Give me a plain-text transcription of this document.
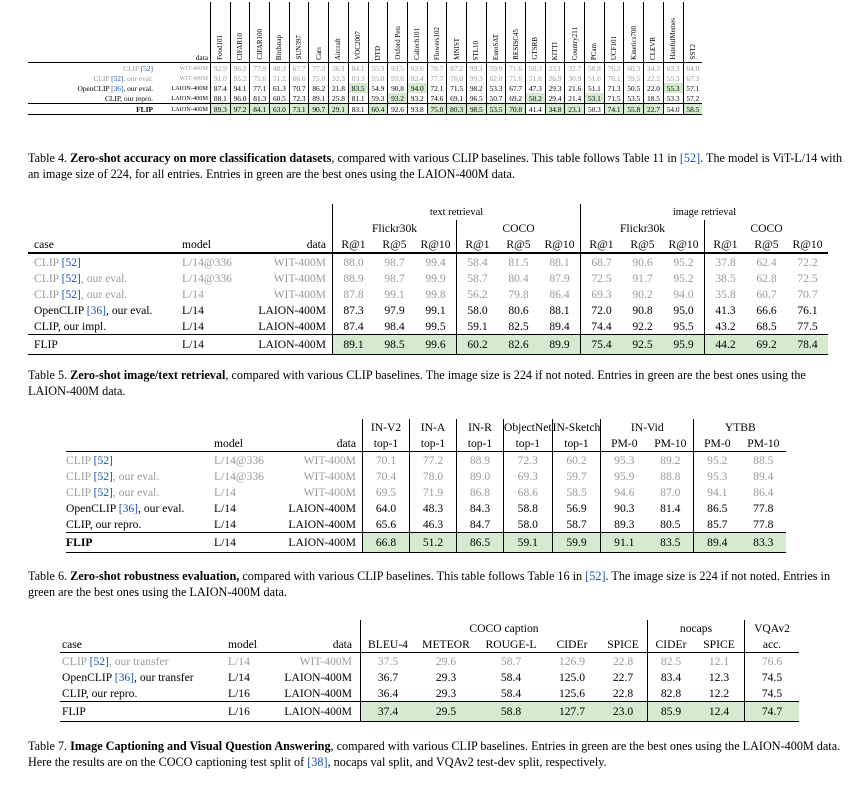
	data	Food101	CIFAR10	CIFAR100	Birdsnap	SUN397	Cars	Aircraft	VOC2007	DTD	Oxford Pets	Caltech101	Flowers102	MNIST	STL10	EuroSAT	RESISC45	GTSRB	KITTI	Country211	PCam	UCF101	Kinetics700	CLEVR	HatefulMemes	SST2
CLIP [52]	WIT-400M	92.9	96.2	77.9	48.3	67.7	77.3	36.1	84.1	55.3	93.5	92.6	78.7	87.2	99.3	59.9	71.6	50.3	23.1	32.7	58.8	76.2	60.3	24.3	63.3	64.0
CLIP [52], our eval.	WIT-400M	91.0	95.2	75.6	51.2	66.6	75.0	32.3	83.3	55.0	93.6	92.4	77.7	76.0	99.3	62.0	71.6	51.6	26.9	30.9	51.6	76.1	59.5	22.2	55.3	67.3
OpenCLIP [36], our eval.	LAION-400M	87.4	94.1	77.1	61.3	70.7	86.2	21.8	83.5	54.9	90.8	94.0	72.1	71.5	98.2	53.3	67.7	47.3	29.3	21.6	51.1	71.3	50.5	22.0	55.3	57.1
CLIP, our repro.	LAION-400M	88.1	96.0	81.3	60.5	72.3	89.1	25.8	81.1	59.3	93.2	93.2	74.6	69.1	96.5	50.7	69.2	50.2	29.4	21.4	53.1	71.5	53.5	18.5	53.3	57.2
FLIP	LAION-400M	89.3	97.2	84.1	63.0	73.1	90.7	29.1	83.1	60.4	92.6	93.8	75.0	80.3	98.5	53.5	70.8	41.4	34.8	23.1	50.3	74.1	55.8	22.7	54.0	58.5
Table 4. Zero-shot accuracy on more classification datasets, compared with various CLIP baselines. This table follows Table 11 in [52]. The model is ViT-L/14 with an image size of 224, for all entries. Entries in green are the best ones using the LAION-400M data.
			text retrieval						image retrieval					
			Flickr30k			COCO			Flickr30k			COCO		
case	model	data	R@1	R@5	R@10	R@1	R@5	R@10	R@1	R@5	R@10	R@1	R@5	R@10
CLIP [52]	L/14@336	WIT-400M	88.0	98.7	99.4	58.4	81.5	88.1	68.7	90.6	95.2	37.8	62.4	72.2
CLIP [52], our eval.	L/14@336	WIT-400M	88.9	98.7	99.9	58.7	80.4	87.9	72.5	91.7	95.2	38.5	62.8	72.5
CLIP [52], our eval.	L/14	WIT-400M	87.8	99.1	99.8	56.2	79.8	86.4	69.3	90.2	94.0	35.8	60.7	70.7
OpenCLIP [36], our eval.	L/14	LAION-400M	87.3	97.9	99.1	58.0	80.6	88.1	72.0	90.8	95.0	41.3	66.6	76.1
CLIP, our impl.	L/14	LAION-400M	87.4	98.4	99.5	59.1	82.5	89.4	74.4	92.2	95.5	43.2	68.5	77.5
FLIP	L/14	LAION-400M	89.1	98.5	99.6	60.2	82.6	89.9	75.4	92.5	95.9	44.2	69.2	78.4
Table 5. Zero-shot image/text retrieval, compared with various CLIP baselines. The image size is 224 if not noted. Entries in green are the best ones using the LAION-400M data.
			IN-V2	IN-A	IN-R	ObjectNet	IN-Sketch	IN-Vid		YTBB	
	model	data	top-1	top-1	top-1	top-1	top-1	PM-0	PM-10	PM-0	PM-10
CLIP [52]	L/14@336	WIT-400M	70.1	77.2	88.9	72.3	60.2	95.3	89.2	95.2	88.5
CLIP [52], our eval.	L/14@336	WIT-400M	70.4	78.0	89.0	69.3	59.7	95.9	88.8	95.3	89.4
CLIP [52], our eval.	L/14	WIT-400M	69.5	71.9	86.8	68.6	58.5	94.6	87.0	94.1	86.4
OpenCLIP [36], our eval.	L/14	LAION-400M	64.0	48.3	84.3	58.8	56.9	90.3	81.4	86.5	77.8
CLIP, our repro.	L/14	LAION-400M	65.6	46.3	84.7	58.0	58.7	89.3	80.5	85.7	77.8
FLIP	L/14	LAION-400M	66.8	51.2	86.5	59.1	59.9	91.1	83.5	89.4	83.3
Table 6. Zero-shot robustness evaluation, compared with various CLIP baselines. This table follows Table 16 in [52]. The image size is 224 if not noted. Entries in green are the best ones using the LAION-400M data.
			COCO caption					nocaps		VQAv2
case	model	data	BLEU-4	METEOR	ROUGE-L	CIDEr	SPICE	CIDEr	SPICE	acc.
CLIP [52], our transfer	L/14	WIT-400M	37.5	29.6	58.7	126.9	22.8	82.5	12.1	76.6
OpenCLIP [36], our transfer	L/14	LAION-400M	36.7	29.3	58.4	125.0	22.7	83.4	12.3	74.5
CLIP, our repro.	L/16	LAION-400M	36.4	29.3	58.4	125.6	22.8	82.8	12.2	74.5
FLIP	L/16	LAION-400M	37.4	29.5	58.8	127.7	23.0	85.9	12.4	74.7
Table 7. Image Captioning and Visual Question Answering, compared with various CLIP baselines. Entries in green are the best ones using the LAION-400M data. Here the results are on the COCO captioning test split of [38], nocaps val split, and VQAv2 test-dev split, respectively.
